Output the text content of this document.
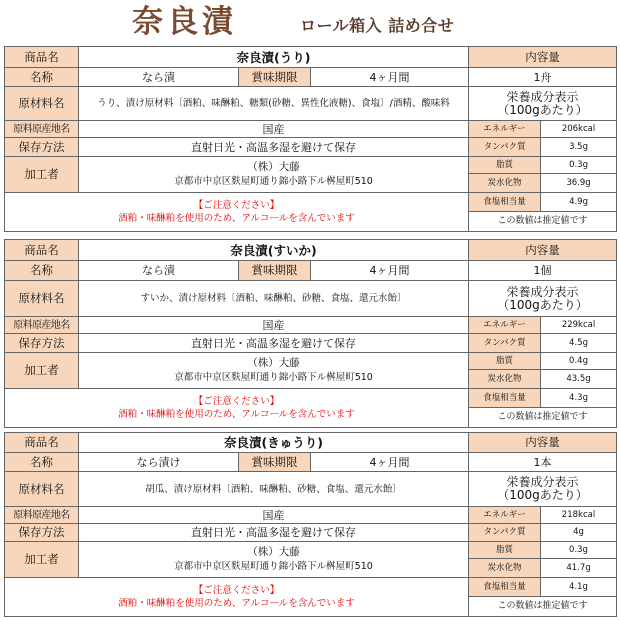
奈良漬	ロール箱入 詰め合せ
商品名	奈良漬(うり)			内容量	
名称	なら漬	賞味期限	4ヶ月間	1舟	
原材料名	うり、漬け原材料〔酒粕、味醂粕、糖類(砂糖、異性化液糖)、食塩〕/酒精、酸味料			栄養成分表示
（100gあたり）	
原料原産地名	国産			エネルギー	206kcal
保存方法	直射日光・高温多湿を避けて保存			タンパク質	3.5g
加工者	（株）大藤
京都市中京区麩屋町通り錦小路下ル桝屋町510			脂質	0.3g
				炭水化物	36.9g
【ご注意ください】
酒粕・味醂粕を使用のため、アルコールを含んでいます				食塩相当量	4.9g
				この数値は推定値です	
商品名	奈良漬(すいか)			内容量	
名称	なら漬	賞味期限	4ヶ月間	1個	
原材料名	すいか、漬け原材料〔酒粕、味醂粕、砂糖、食塩、還元水飴〕			栄養成分表示
（100gあたり）	
原料原産地名	国産			エネルギー	229kcal
保存方法	直射日光・高温多湿を避けて保存			タンパク質	4.5g
加工者	（株）大藤
京都市中京区麩屋町通り錦小路下ル桝屋町510			脂質	0.4g
				炭水化物	43.5g
【ご注意ください】
酒粕・味醂粕を使用のため、アルコールを含んでいます				食塩相当量	4.3g
				この数値は推定値です	
商品名	奈良漬(きゅうり)			内容量	
名称	なら漬け	賞味期限	4ヶ月間	1本	
原材料名	胡瓜、漬け原材料〔酒粕、味醂粕、砂糖、食塩、還元水飴〕			栄養成分表示
（100gあたり）	
原料原産地名	国産			エネルギー	218kcal
保存方法	直射日光・高温多湿を避けて保存			タンパク質	4g
加工者	（株）大藤
京都市中京区麩屋町通り錦小路下ル桝屋町510			脂質	0.3g
				炭水化物	41.7g
【ご注意ください】
酒粕・味醂粕を使用のため、アルコールを含んでいます				食塩相当量	4.1g
				この数値は推定値です	
